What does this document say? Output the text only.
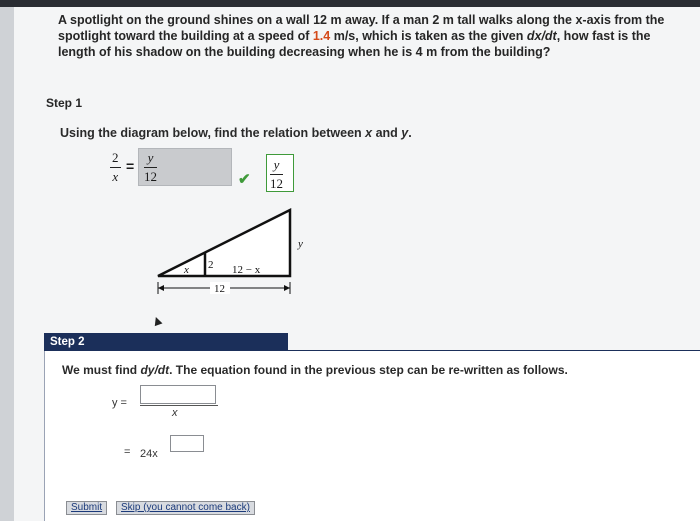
A spotlight on the ground shines on a wall 12 m away. If a man 2 m tall walks along the x-axis from the spotlight toward the building at a speed of 1.4 m/s, which is taken as the given dx/dt, how fast is the length of his shadow on the building decreasing when he is 4 m from the building?
Step 1
Using the diagram below, find the relation between x and y.
2
x
=
y
12	✔
y
12
x 2 12 − x
y
12
▲
Step 2
We must find dy/dt. The equation found in the previous step can be re-written as follows.
y =
x
= 24x
Submit	Skip (you cannot come back)
